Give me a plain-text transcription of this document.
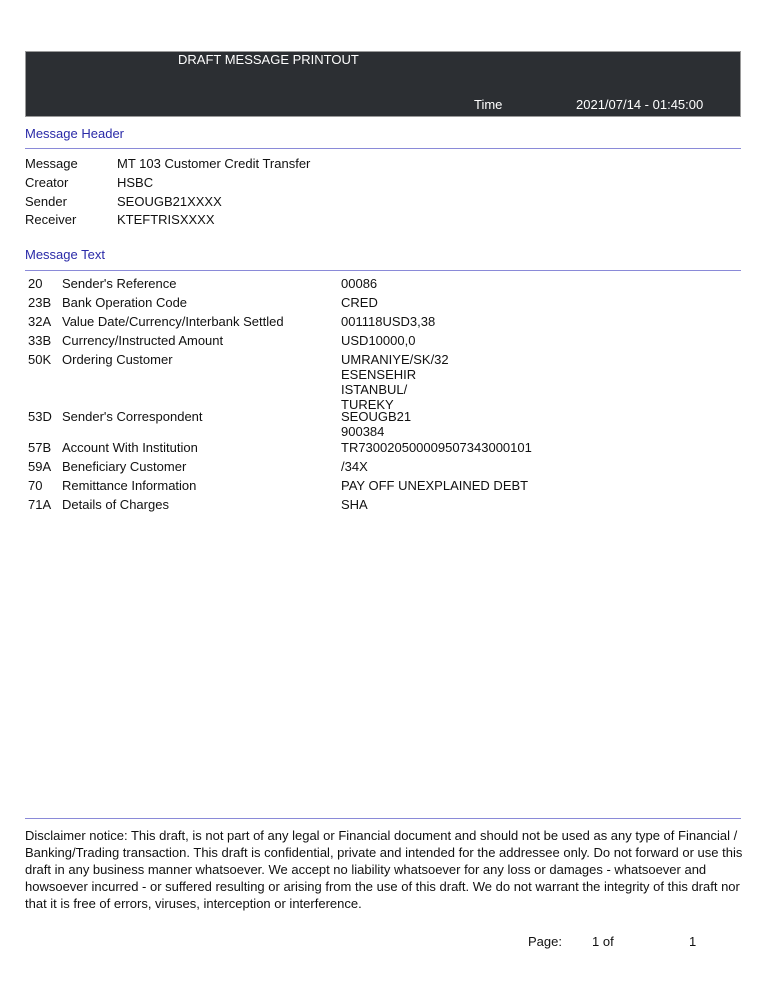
DRAFT MESSAGE PRINTOUT
Time	2021/07/14 - 01:45:00
Message Header
Message	MT 103 Customer Credit Transfer
Creator	HSBC
Sender	SEOUGB21XXXX
Receiver	KTEFTRISXXXX
Message Text
20 Sender's Reference	00086
23B Bank Operation Code	CRED
32A Value Date/Currency/Interbank Settled	001118USD3,38
33B Currency/Instructed Amount	USD10000,0
50K Ordering Customer	UMRANIYE/SK/32
ESENSEHIR
ISTANBUL/
TUREKY
53D Sender's Correspondent	SEOUGB21
900384
57B Account With Institution	TR730020500009507343000101
59A Beneficiary Customer	/34X
70 Remittance Information	PAY OFF UNEXPLAINED DEBT
71A Details of Charges	SHA
Disclaimer notice: This draft, is not part of any legal or Financial document and should not be used as any type of Financial / Banking/Trading transaction. This draft is confidential, private and intended for the addressee only. Do not forward or use this draft in any business manner whatsoever. We accept no liability whatsoever for any loss or damages - whatsoever and howsoever incurred - or suffered resulting or arising from the use of this draft. We do not warrant the integrity of this draft nor that it is free of errors, viruses, interception or interference.
Page: 1 of	1
